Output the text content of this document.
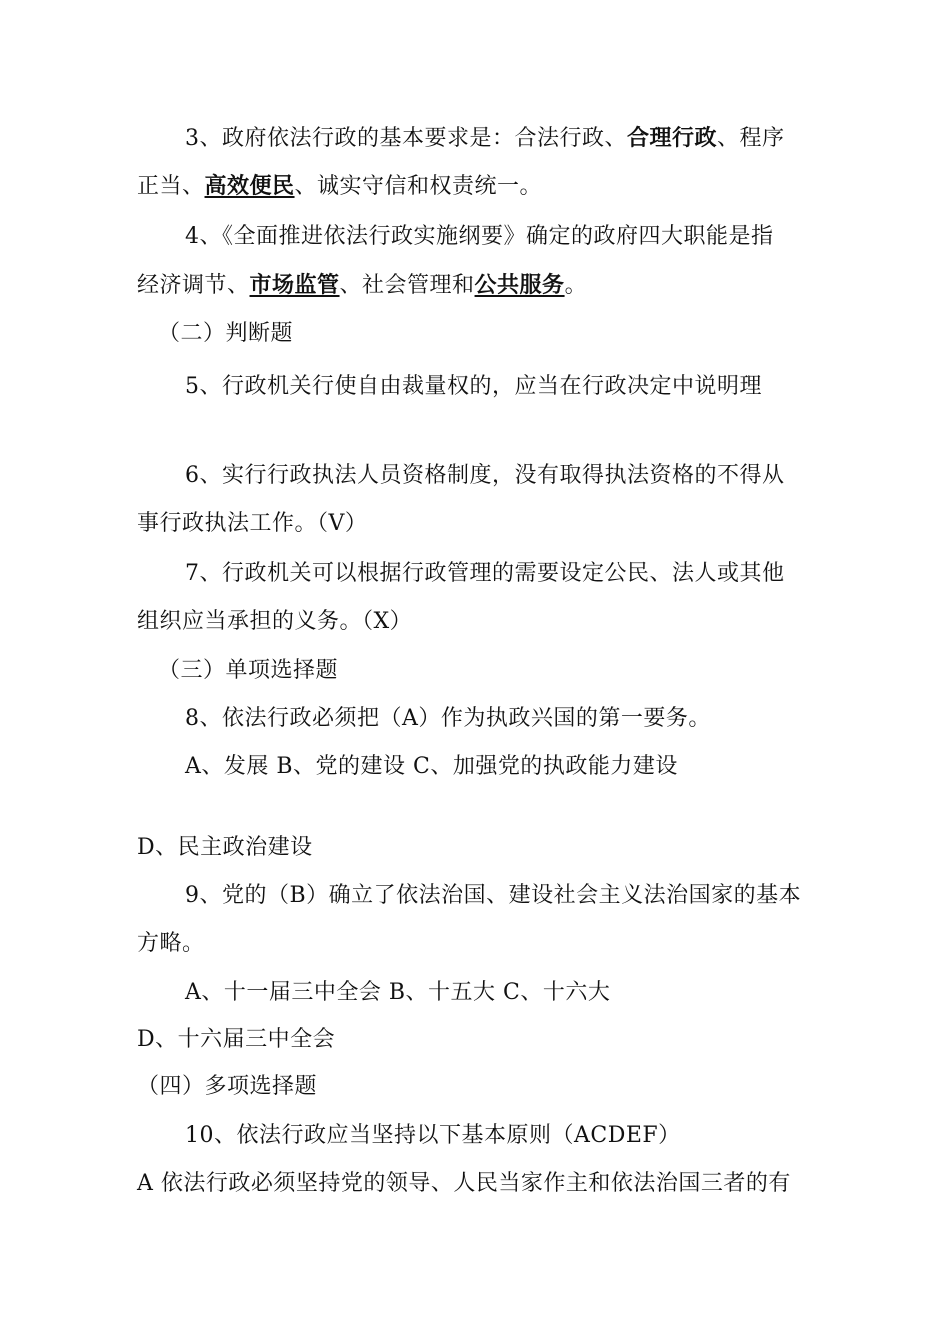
3、政府依法行政的基本要求是：合法行政、合理行政、程序
正当、高效便民、诚实守信和权责统一。
4、《全面推进依法行政实施纲要》确定的政府四大职能是指
经济调节、市场监管、社会管理和公共服务。
（二）判断题
5、行政机关行使自由裁量权的，应当在行政决定中说明理
6、实行行政执法人员资格制度，没有取得执法资格的不得从
事行政执法工作。（V）
7、行政机关可以根据行政管理的需要设定公民、法人或其他
组织应当承担的义务。（X）
（三）单项选择题
8、依法行政必须把（A）作为执政兴国的第一要务。
A、发展 B、党的建设 C、加强党的执政能力建设
D、民主政治建设
9、党的（B）确立了依法治国、建设社会主义法治国家的基本
方略。
A、十一届三中全会 B、十五大 C、十六大
D、十六届三中全会
（四）多项选择题
10、依法行政应当坚持以下基本原则（ACDEF）
A 依法行政必须坚持党的领导、人民当家作主和依法治国三者的有
